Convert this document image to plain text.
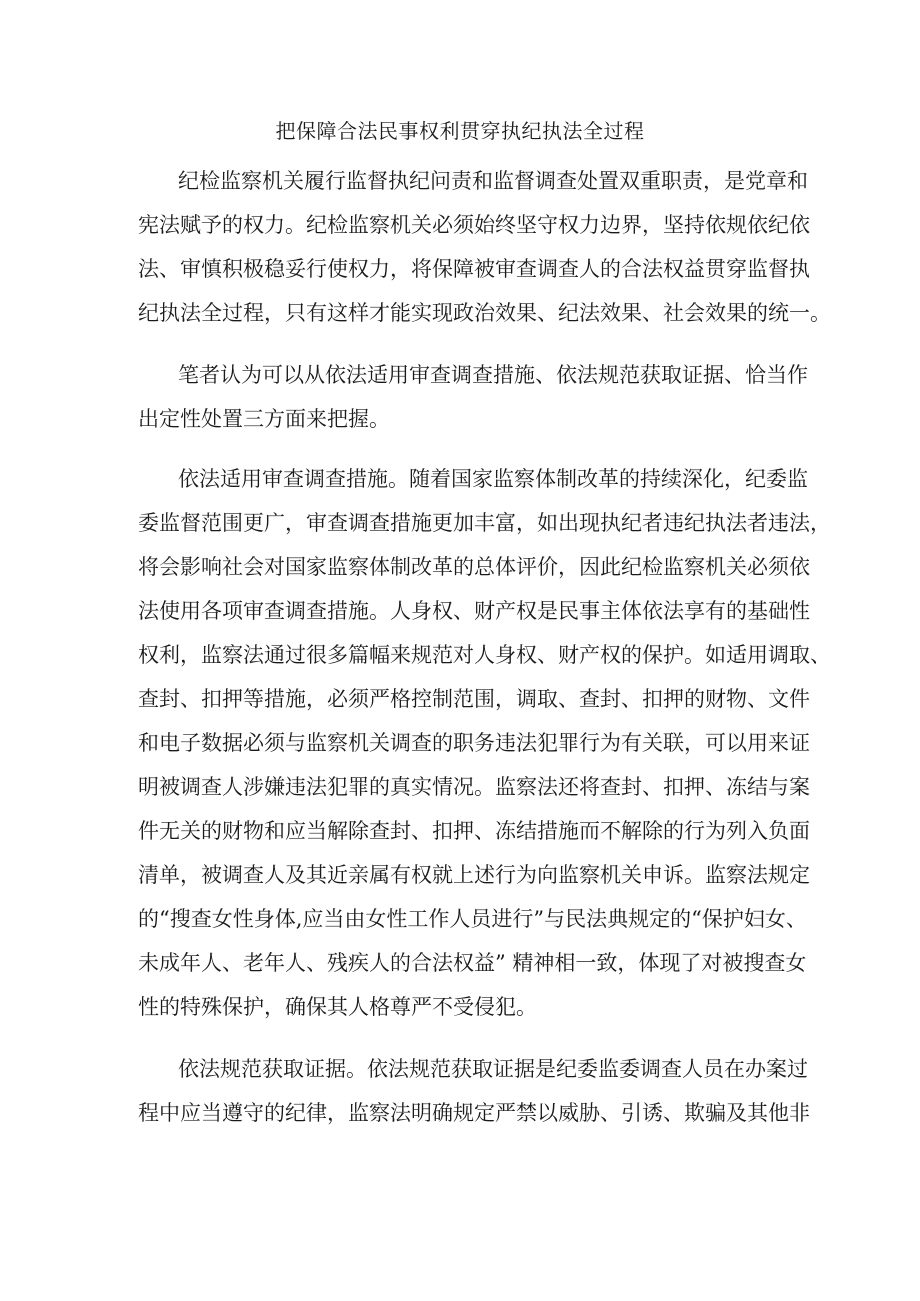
把保障合法民事权利贯穿执纪执法全过程
纪检监察机关履行监督执纪问责和监督调查处置双重职责，是党章和
宪法赋予的权力。纪检监察机关必须始终坚守权力边界，坚持依规依纪依
法、审慎积极稳妥行使权力，将保障被审查调查人的合法权益贯穿监督执
纪执法全过程，只有这样才能实现政治效果、纪法效果、社会效果的统一。
笔者认为可以从依法适用审查调查措施、依法规范获取证据、恰当作
出定性处置三方面来把握。
依法适用审查调查措施。随着国家监察体制改革的持续深化，纪委监
委监督范围更广，审查调查措施更加丰富，如出现执纪者违纪执法者违法，
将会影响社会对国家监察体制改革的总体评价，因此纪检监察机关必须依
法使用各项审查调查措施。人身权、财产权是民事主体依法享有的基础性
权利，监察法通过很多篇幅来规范对人身权、财产权的保护。如适用调取、
查封、扣押等措施，必须严格控制范围，调取、查封、扣押的财物、文件
和电子数据必须与监察机关调查的职务违法犯罪行为有关联，可以用来证
明被调查人涉嫌违法犯罪的真实情况。监察法还将查封、扣押、冻结与案
件无关的财物和应当解除查封、扣押、冻结措施而不解除的行为列入负面
清单，被调查人及其近亲属有权就上述行为向监察机关申诉。监察法规定
的“搜查女性身体,应当由女性工作人员进行”与民法典规定的“保护妇女、
未成年人、老年人、残疾人的合法权益” 精神相一致，体现了对被搜查女
性的特殊保护，确保其人格尊严不受侵犯。
依法规范获取证据。依法规范获取证据是纪委监委调查人员在办案过
程中应当遵守的纪律，监察法明确规定严禁以威胁、引诱、欺骗及其他非
